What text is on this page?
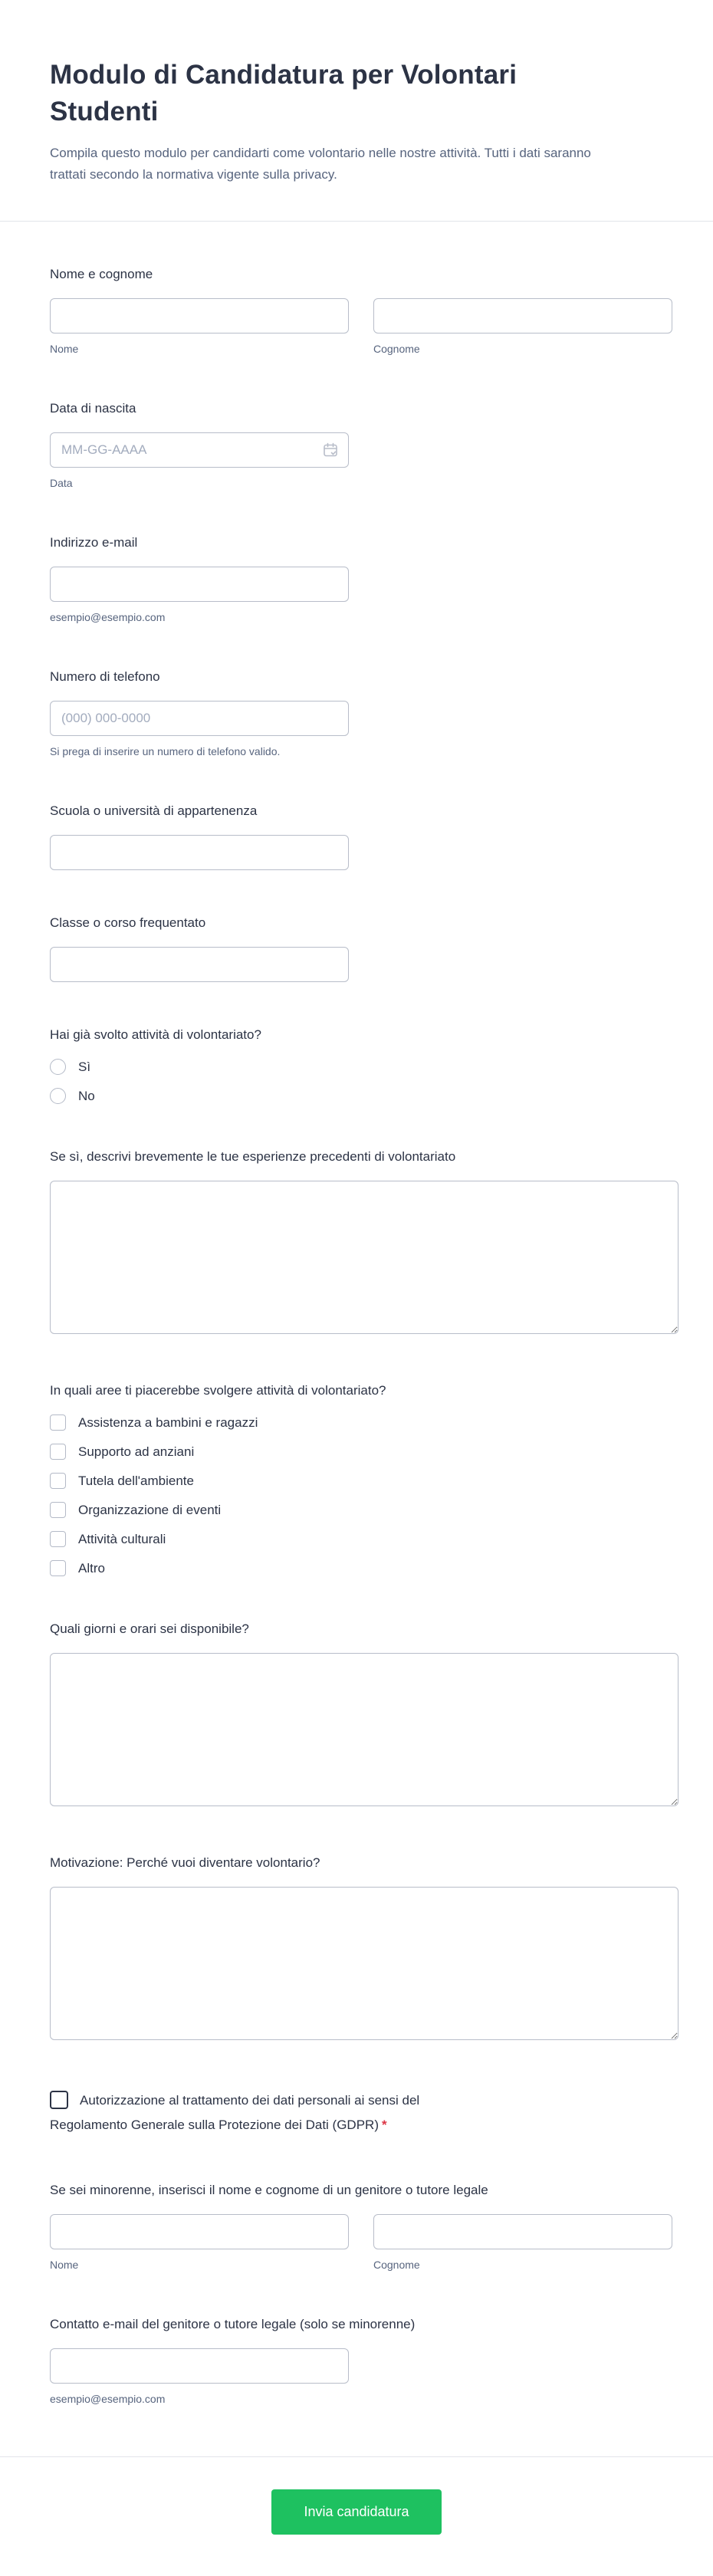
Modulo di Candidatura per Volontari Studenti

Compila questo modulo per candidarti come volontario nelle nostre attività. Tutti i dati saranno trattati secondo la normativa vigente sulla privacy.

Nome e cognome
Nome	Cognome
Data di nascita
MM-GG-AAAA
Data
Indirizzo e-mail
esempio@esempio.com
Numero di telefono
(000) 000-0000
Si prega di inserire un numero di telefono valido.
Scuola o università di appartenenza
Classe o corso frequentato
Hai già svolto attività di volontariato?
Sì
No
Se sì, descrivi brevemente le tue esperienze precedenti di volontariato
In quali aree ti piacerebbe svolgere attività di volontariato?
Assistenza a bambini e ragazzi
Supporto ad anziani
Tutela dell'ambiente
Organizzazione di eventi
Attività culturali
Altro
Quali giorni e orari sei disponibile?
Motivazione: Perché vuoi diventare volontario?
Autorizzazione al trattamento dei dati personali ai sensi del Regolamento Generale sulla Protezione dei Dati (GDPR) *
Se sei minorenne, inserisci il nome e cognome di un genitore o tutore legale
Nome	Cognome
Contatto e-mail del genitore o tutore legale (solo se minorenne)
esempio@esempio.com
Invia candidatura
